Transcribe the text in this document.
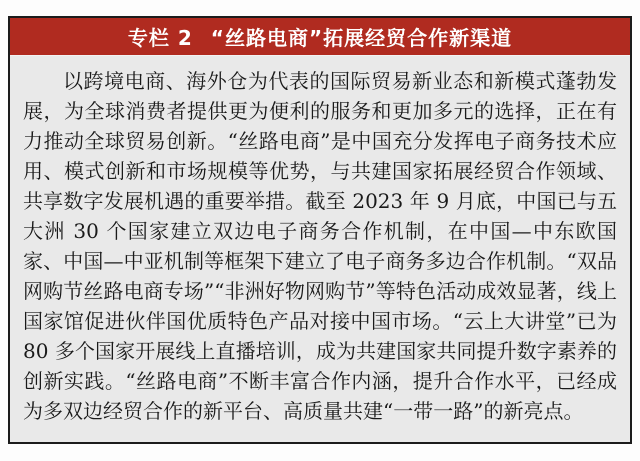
专栏 2 “丝路电商”拓展经贸合作新渠道

以跨境电商、海外仓为代表的国际贸易新业态和新模式蓬勃发展，为全球消费者提供更为便利的服务和更加多元的选择，正在有力推动全球贸易创新。“丝路电商”是中国充分发挥电子商务技术应用、模式创新和市场规模等优势，与共建国家拓展经贸合作领域、共享数字发展机遇的重要举措。截至 2023 年 9 月底，中国已与五大洲 30 个国家建立双边电子商务合作机制，在中国—中东欧国家、中国—中亚机制等框架下建立了电子商务多边合作机制。“双品网购节丝路电商专场”“非洲好物网购节”等特色活动成效显著，线上国家馆促进伙伴国优质特色产品对接中国市场。“云上大讲堂”已为 80 多个国家开展线上直播培训，成为共建国家共同提升数字素养的创新实践。“丝路电商”不断丰富合作内涵，提升合作水平，已经成为多双边经贸合作的新平台、高质量共建“一带一路”的新亮点。
